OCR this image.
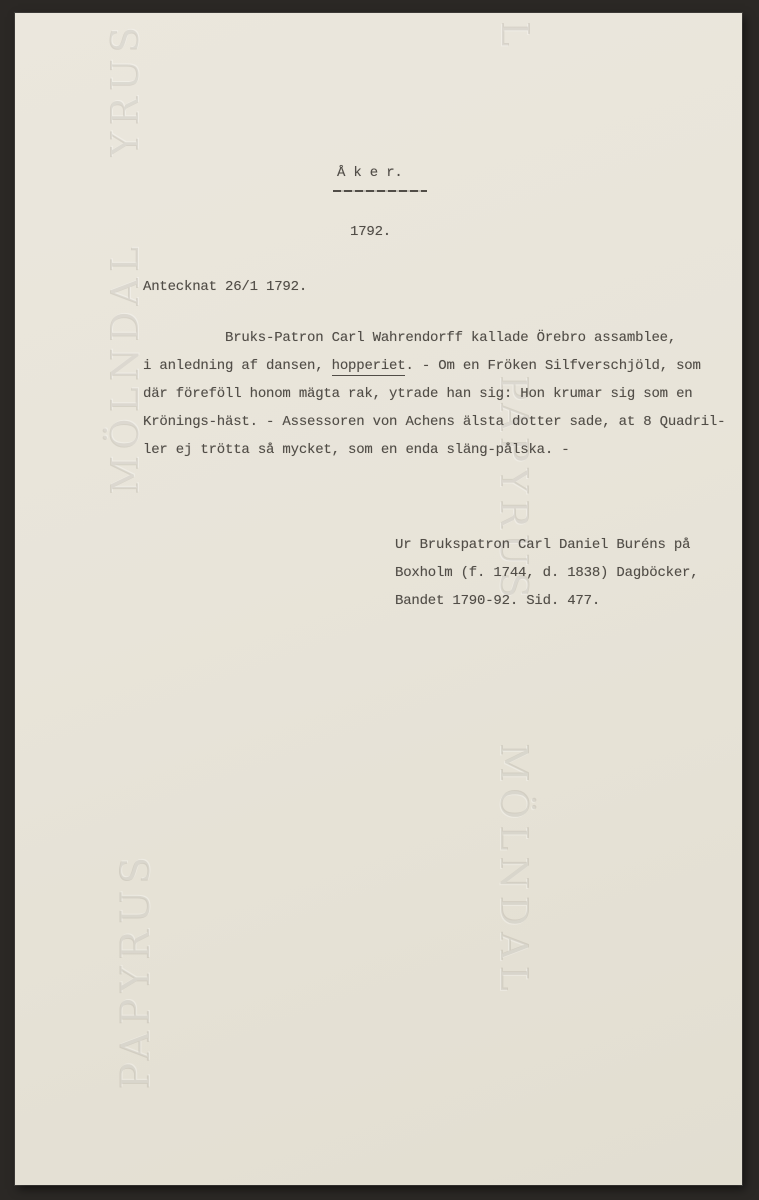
YRUS
MÖLNDAL
PAPYRUS
L
PAPYRUS
MÖLNDAL
Å k e r.
1792.
Antecknat 26/1 1792.
Bruks-Patron Carl Wahrendorff kallade Örebro assamblee,
i anledning af dansen, hopperiet. - Om en Fröken Silfverschjöld, som
där föreföll honom mägta rak, ytrade han sig: Hon krumar sig som en
Krönings-häst. - Assessoren von Achens älsta dotter sade, at 8 Quadril-
ler ej trötta så mycket, som en enda släng-pålska. -
Ur Brukspatron Carl Daniel Buréns på
Boxholm (f. 1744, d. 1838) Dagböcker,
Bandet 1790-92. Sid. 477.
